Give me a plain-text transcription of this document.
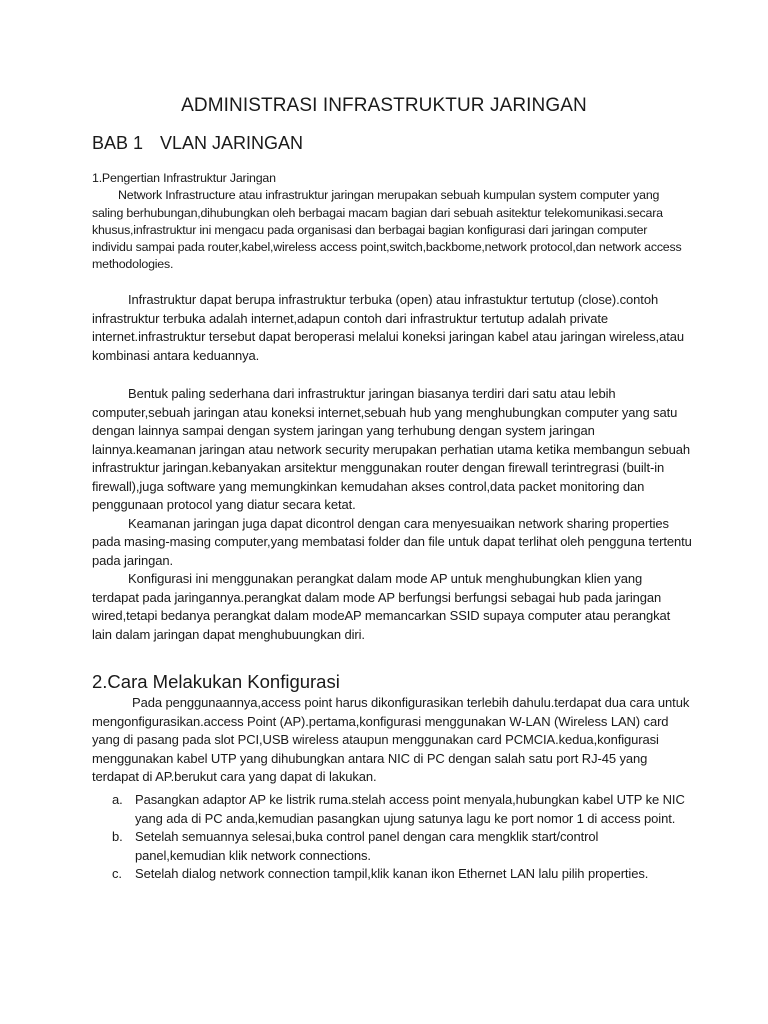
ADMINISTRASI INFRASTRUKTUR JARINGAN
BAB 1 VLAN JARINGAN

1.Pengertian Infrastruktur Jaringan

Network Infrastructure atau infrastruktur jaringan merupakan sebuah kumpulan system computer yang saling berhubungan,dihubungkan oleh berbagai macam bagian dari sebuah asitektur telekomunikasi.secara khusus,infrastruktur ini mengacu pada organisasi dan berbagai bagian konfigurasi dari jaringan computer individu sampai pada router,kabel,wireless access point,switch,backbome,network protocol,dan network access methodologies.

Infrastruktur dapat berupa infrastruktur terbuka (open) atau infrastuktur tertutup (close).contoh infrastruktur terbuka adalah internet,adapun contoh dari infrastruktur tertutup adalah private internet.infrastruktur tersebut dapat beroperasi melalui koneksi jaringan kabel atau jaringan wireless,atau kombinasi antara keduannya.

Bentuk paling sederhana dari infrastruktur jaringan biasanya terdiri dari satu atau lebih computer,sebuah jaringan atau koneksi internet,sebuah hub yang menghubungkan computer yang satu dengan lainnya sampai dengan system jaringan yang terhubung dengan system jaringan lainnya.keamanan jaringan atau network security merupakan perhatian utama ketika membangun sebuah infrastruktur jaringan.kebanyakan arsitektur menggunakan router dengan firewall terintregrasi (built-in firewall),juga software yang memungkinkan kemudahan akses control,data packet monitoring dan penggunaan protocol yang diatur secara ketat.

Keamanan jaringan juga dapat dicontrol dengan cara menyesuaikan network sharing properties pada masing-masing computer,yang membatasi folder dan file untuk dapat terlihat oleh pengguna tertentu pada jaringan.

Konfigurasi ini menggunakan perangkat dalam mode AP untuk menghubungkan klien yang terdapat pada jaringannya.perangkat dalam mode AP berfungsi berfungsi sebagai hub pada jaringan wired,tetapi bedanya perangkat dalam modeAP memancarkan SSID supaya computer atau perangkat lain dalam jaringan dapat menghubuungkan diri.

2.Cara Melakukan Konfigurasi

Pada penggunaannya,access point harus dikonfigurasikan terlebih dahulu.terdapat dua cara untuk mengonfigurasikan.access Point (AP).pertama,konfigurasi menggunakan W-LAN (Wireless LAN) card yang di pasang pada slot PCI,USB wireless ataupun menggunakan card PCMCIA.kedua,konfigurasi menggunakan kabel UTP yang dihubungkan antara NIC di PC dengan salah satu port RJ-45 yang terdapat di AP.berukut cara yang dapat di lakukan.

a. Pasangkan adaptor AP ke listrik ruma.stelah access point menyala,hubungkan kabel UTP ke NIC yang ada di PC anda,kemudian pasangkan ujung satunya lagu ke port nomor 1 di access point.
b. Setelah semuannya selesai,buka control panel dengan cara mengklik start/control panel,kemudian klik network connections.
c. Setelah dialog network connection tampil,klik kanan ikon Ethernet LAN lalu pilih properties.
